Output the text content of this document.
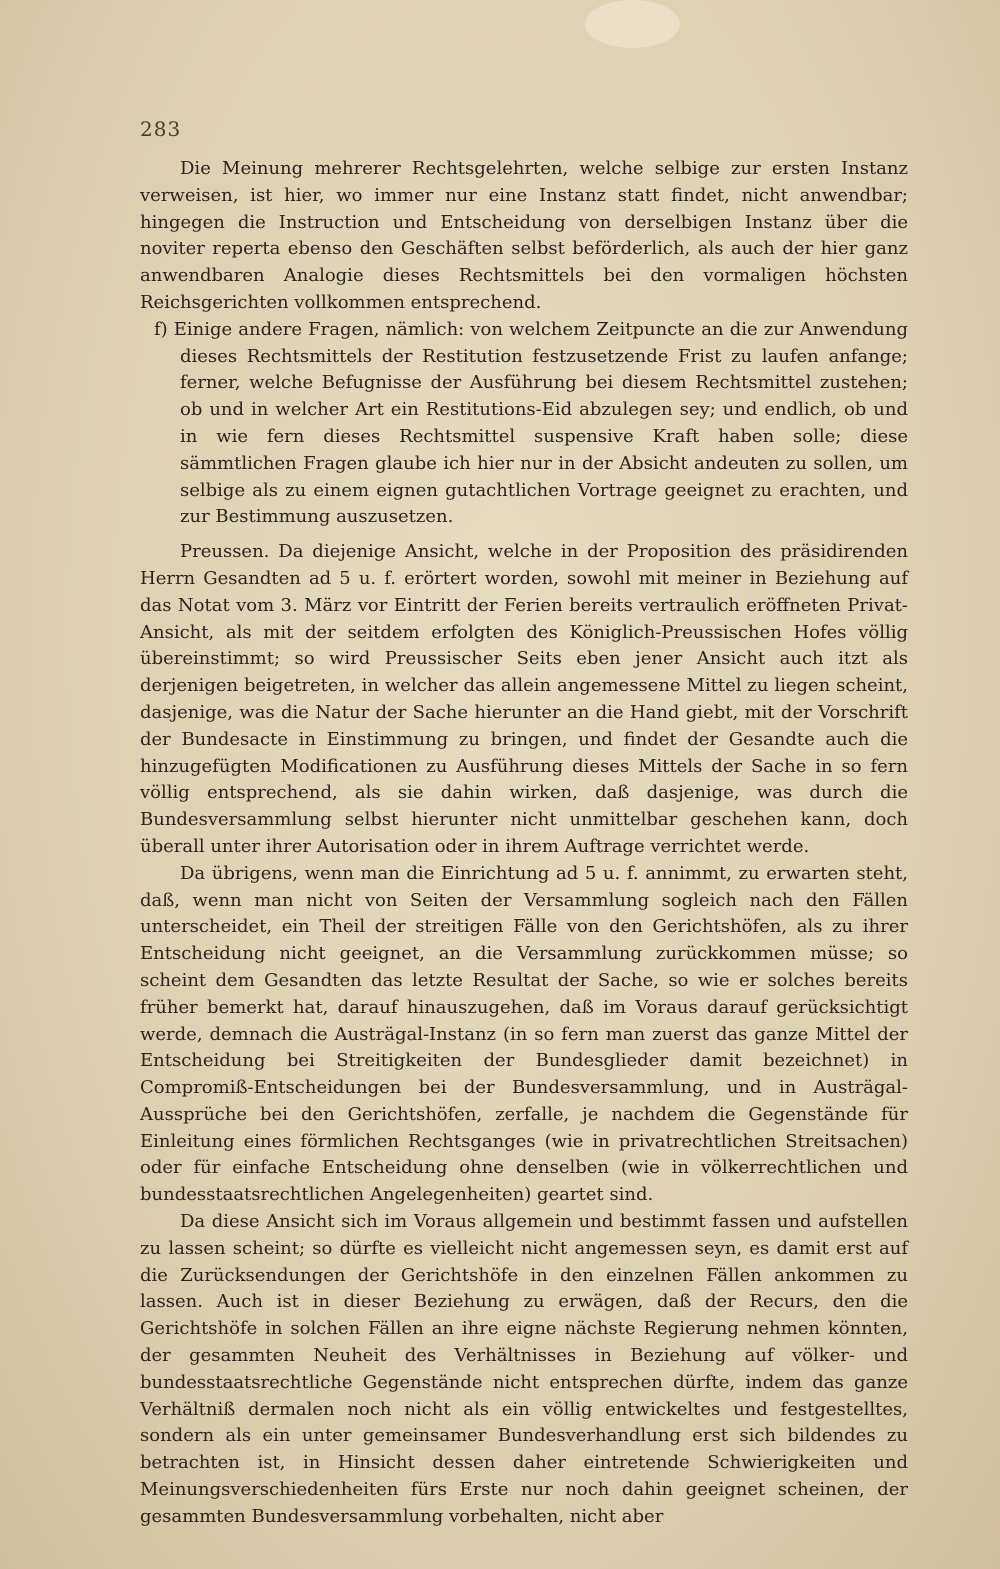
283

Die Meinung mehrerer Rechtsgelehrten, welche selbige zur ersten Instanz verweisen, ist hier, wo immer nur eine Instanz statt findet, nicht anwendbar; hingegen die Instruction und Entscheidung von derselbigen Instanz über die noviter reperta ebenso den Geschäften selbst beförderlich, als auch der hier ganz anwendbaren Analogie dieses Rechtsmittels bei den vormaligen höchsten Reichsgerichten vollkommen entsprechend.

f) Einige andere Fragen, nämlich: von welchem Zeitpuncte an die zur Anwendung dieses Rechtsmittels der Restitution festzusetzende Frist zu laufen anfange; ferner, welche Befugnisse der Ausführung bei diesem Rechtsmittel zustehen; ob und in welcher Art ein Restitutions-Eid abzulegen sey; und endlich, ob und in wie fern dieses Rechtsmittel suspensive Kraft haben solle; diese sämmtlichen Fragen glaube ich hier nur in der Absicht andeuten zu sollen, um selbige als zu einem eignen gutachtlichen Vortrage geeignet zu erachten, und zur Bestimmung auszusetzen.

Preussen. Da diejenige Ansicht, welche in der Proposition des präsidirenden Herrn Gesandten ad 5 u. f. erörtert worden, sowohl mit meiner in Beziehung auf das Notat vom 3. März vor Eintritt der Ferien bereits vertraulich eröffneten Privat-Ansicht, als mit der seitdem erfolgten des Königlich-Preussischen Hofes völlig übereinstimmt; so wird Preussischer Seits eben jener Ansicht auch itzt als derjenigen beigetreten, in welcher das allein angemessene Mittel zu liegen scheint, dasjenige, was die Natur der Sache hierunter an die Hand giebt, mit der Vorschrift der Bundesacte in Einstimmung zu bringen, und findet der Gesandte auch die hinzugefügten Modificationen zu Ausführung dieses Mittels der Sache in so fern völlig entsprechend, als sie dahin wirken, daß dasjenige, was durch die Bundesversammlung selbst hierunter nicht unmittelbar geschehen kann, doch überall unter ihrer Autorisation oder in ihrem Auftrage verrichtet werde.

Da übrigens, wenn man die Einrichtung ad 5 u. f. annimmt, zu erwarten steht, daß, wenn man nicht von Seiten der Versammlung sogleich nach den Fällen unterscheidet, ein Theil der streitigen Fälle von den Gerichtshöfen, als zu ihrer Entscheidung nicht geeignet, an die Versammlung zurückkommen müsse; so scheint dem Gesandten das letzte Resultat der Sache, so wie er solches bereits früher bemerkt hat, darauf hinauszugehen, daß im Voraus darauf gerücksichtigt werde, demnach die Austrägal-Instanz (in so fern man zuerst das ganze Mittel der Entscheidung bei Streitigkeiten der Bundesglieder damit bezeichnet) in Compromiß-Entscheidungen bei der Bundesversammlung, und in Austrägal-Aussprüche bei den Gerichtshöfen, zerfalle, je nachdem die Gegenstände für Einleitung eines förmlichen Rechtsganges (wie in privatrechtlichen Streitsachen) oder für einfache Entscheidung ohne denselben (wie in völkerrechtlichen und bundesstaatsrechtlichen Angelegenheiten) geartet sind.

Da diese Ansicht sich im Voraus allgemein und bestimmt fassen und aufstellen zu lassen scheint; so dürfte es vielleicht nicht angemessen seyn, es damit erst auf die Zurücksendungen der Gerichtshöfe in den einzelnen Fällen ankommen zu lassen. Auch ist in dieser Beziehung zu erwägen, daß der Recurs, den die Gerichtshöfe in solchen Fällen an ihre eigne nächste Regierung nehmen könnten, der gesammten Neuheit des Verhältnisses in Beziehung auf völker- und bundesstaatsrechtliche Gegenstände nicht entsprechen dürfte, indem das ganze Verhältniß dermalen noch nicht als ein völlig entwickeltes und festgestelltes, sondern als ein unter gemeinsamer Bundesverhandlung erst sich bildendes zu betrachten ist, in Hinsicht dessen daher eintretende Schwierigkeiten und Meinungsverschiedenheiten fürs Erste nur noch dahin geeignet scheinen, der gesammten Bundesversammlung vorbehalten, nicht aber
